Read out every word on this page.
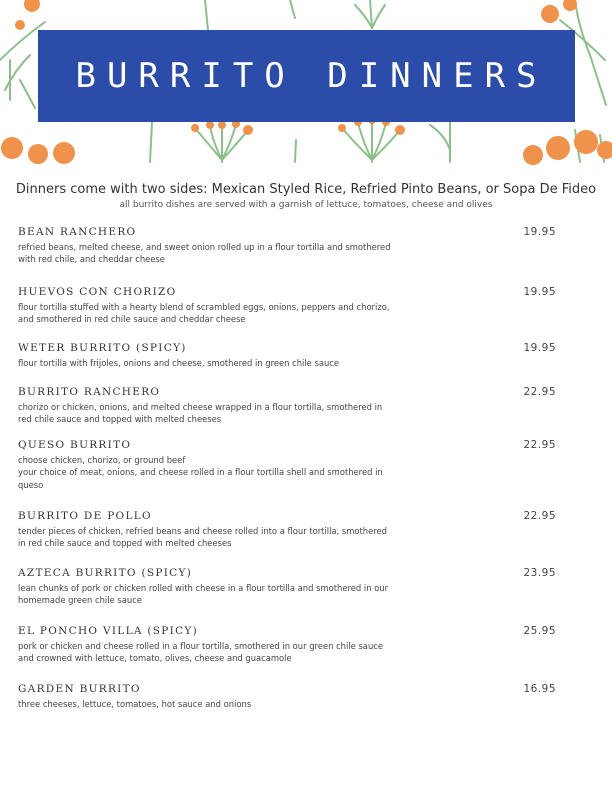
BURRITO DINNERS
Dinners come with two sides: Mexican Styled Rice, Refried Pinto Beans, or Sopa De Fideo
all burrito dishes are served with a garnish of lettuce, tomatoes, cheese and olives
BEAN RANCHERO	19.95
refried beans, melted cheese, and sweet onion rolled up in a flour tortilla and smothered
with red chile, and cheddar cheese
HUEVOS CON CHORIZO	19.95
flour tortilla stuffed with a hearty blend of scrambled eggs, onions, peppers and chorizo,
and smothered in red chile sauce and cheddar cheese
WETER BURRITO (SPICY)	19.95
flour tortilla with frijoles, onions and cheese, smothered in green chile sauce
BURRITO RANCHERO	22.95
chorizo or chicken, onions, and melted cheese wrapped in a flour tortilla, smothered in
red chile sauce and topped with melted cheeses
QUESO BURRITO	22.95
choose chicken, chorizo, or ground beef
your choice of meat, onions, and cheese rolled in a flour tortilla shell and smothered in
queso
BURRITO DE POLLO	22.95
tender pieces of chicken, refried beans and cheese rolled into a flour tortilla, smothered
in red chile sauce and topped with melted cheeses
AZTECA BURRITO (SPICY)	23.95
lean chunks of pork or chicken rolled with cheese in a flour tortilla and smothered in our
homemade green chile sauce
EL PONCHO VILLA (SPICY)	25.95
pork or chicken and cheese rolled in a flour tortilla, smothered in our green chile sauce
and crowned with lettuce, tomato, olives, cheese and guacamole
GARDEN BURRITO	16.95
three cheeses, lettuce, tomatoes, hot sauce and onions
